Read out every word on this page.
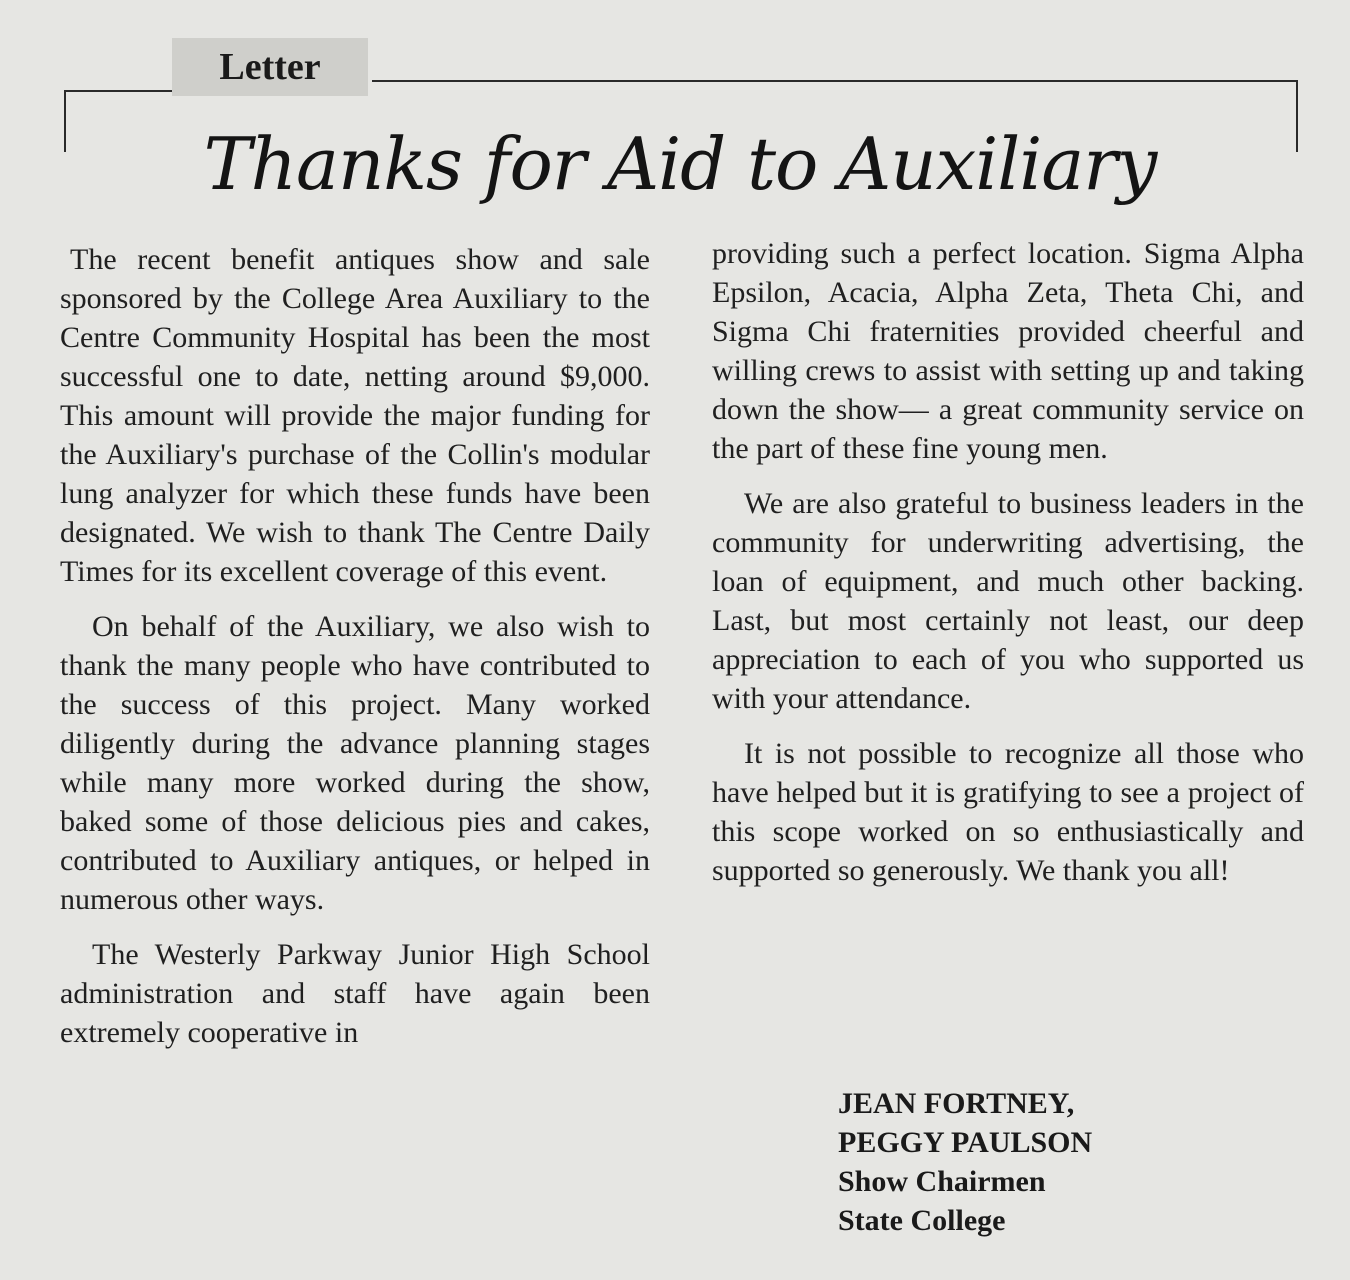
Letter
Thanks for Aid to Auxiliary

The recent benefit antiques show and sale sponsored by the College Area Auxiliary to the Centre Community Hospital has been the most successful one to date, netting around $9,000. This amount will provide the major funding for the Auxiliary's purchase of the Collin's modular lung analyzer for which these funds have been designated. We wish to thank The Centre Daily Times for its excellent coverage of this event.

On behalf of the Auxiliary, we also wish to thank the many people who have contributed to the success of this project. Many worked diligently during the advance planning stages while many more worked during the show, baked some of those delicious pies and cakes, contributed to Auxiliary antiques, or helped in numerous other ways.

The Westerly Parkway Junior High School administration and staff have again been extremely cooperative in

providing such a perfect location. Sigma Alpha Epsilon, Acacia, Alpha Zeta, Theta Chi, and Sigma Chi fraternities provided cheerful and willing crews to assist with setting up and taking down the show— a great community service on the part of these fine young men.

We are also grateful to business leaders in the community for underwriting advertising, the loan of equipment, and much other backing. Last, but most certainly not least, our deep appreciation to each of you who supported us with your attendance.

It is not possible to recognize all those who have helped but it is gratifying to see a project of this scope worked on so enthusiastically and supported so generously. We thank you all!

JEAN FORTNEY,
PEGGY PAULSON
Show Chairmen
State College
